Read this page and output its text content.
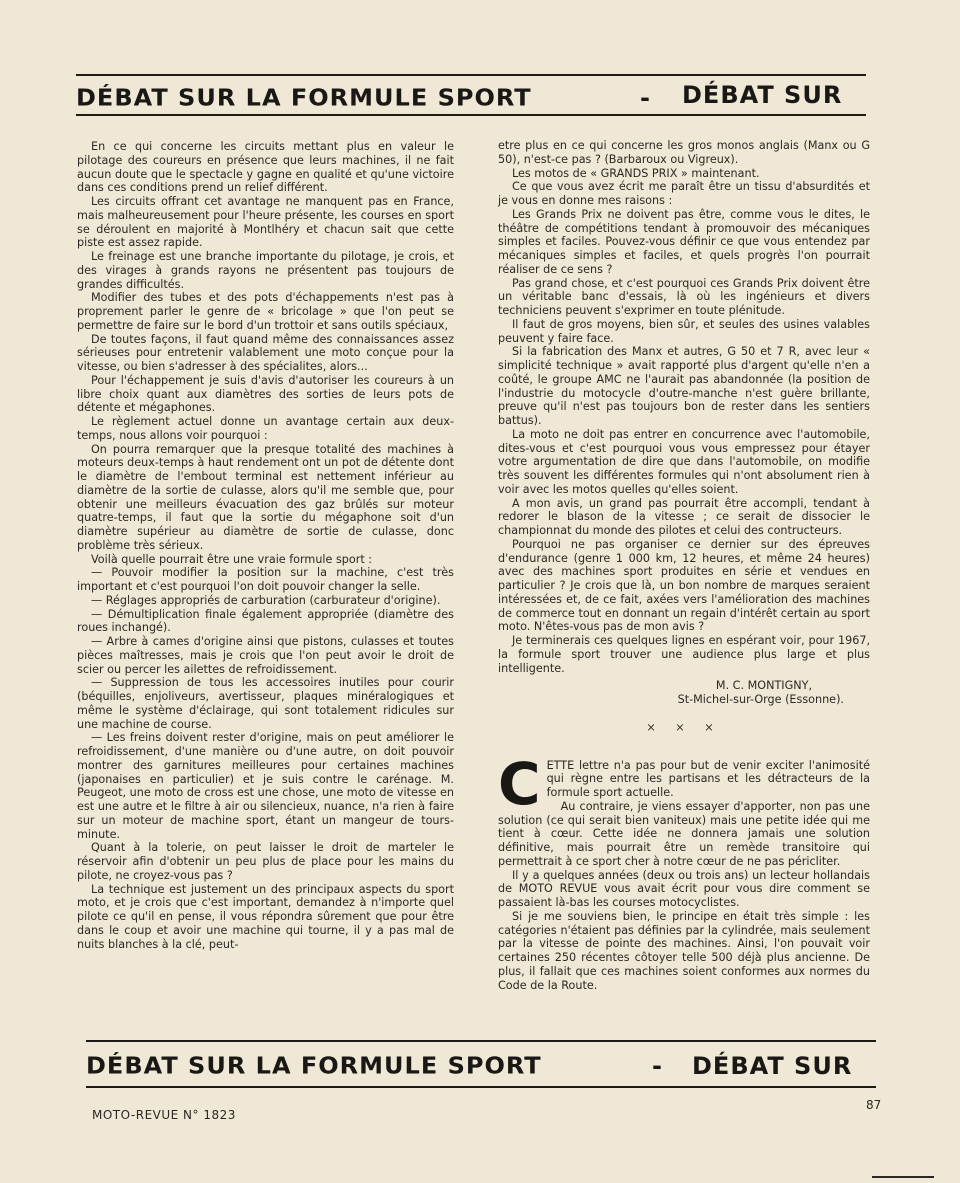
DÉBAT SUR LA FORMULE SPORT	- DÉBAT SUR

En ce qui concerne les circuits mettant plus en valeur le pilotage des coureurs en présence que leurs machines, il ne fait aucun doute que le spectacle y gagne en qualité et qu'une victoire dans ces conditions prend un relief différent.

Les circuits offrant cet avantage ne manquent pas en France, mais malheureusement pour l'heure présente, les courses en sport se déroulent en majorité à Montlhéry et chacun sait que cette piste est assez rapide.

Le freinage est une branche importante du pilotage, je crois, et des virages à grands rayons ne présentent pas toujours de grandes difficultés.

Modifier des tubes et des pots d'échappements n'est pas à proprement parler le genre de « bricolage » que l'on peut se permettre de faire sur le bord d'un trottoir et sans outils spéciaux,

De toutes façons, il faut quand même des connaissances assez sérieuses pour entretenir valablement une moto conçue pour la vitesse, ou bien s'adresser à des spécialites, alors...

Pour l'échappement je suis d'avis d'autoriser les coureurs à un libre choix quant aux diamètres des sorties de leurs pots de détente et mégaphones.

Le règlement actuel donne un avantage certain aux deux-temps, nous allons voir pourquoi :

On pourra remarquer que la presque totalité des machines à moteurs deux-temps à haut rendement ont un pot de détente dont le diamètre de l'embout terminal est nettement inférieur au diamètre de la sortie de culasse, alors qu'il me semble que, pour obtenir une meilleurs évacuation des gaz brûlés sur moteur quatre-temps, il faut que la sortie du mégaphone soit d'un diamètre supérieur au diamètre de sortie de culasse, donc problème très sérieux.

Voilà quelle pourrait être une vraie formule sport :

— Pouvoir modifier la position sur la machine, c'est très important et c'est pourquoi l'on doit pouvoir changer la selle.

— Réglages appropriés de carburation (carburateur d'origine).

— Démultiplication finale également appropriée (diamètre des roues inchangé).

— Arbre à cames d'origine ainsi que pistons, culasses et toutes pièces maîtresses, mais je crois que l'on peut avoir le droit de scier ou percer les ailettes de refroidissement.

— Suppression de tous les accessoires inutiles pour courir (béquilles, enjoliveurs, avertisseur, plaques minéralogiques et même le système d'éclairage, qui sont totalement ridicules sur une machine de course.

— Les freins doivent rester d'origine, mais on peut améliorer le refroidissement, d'une manière ou d'une autre, on doit pouvoir montrer des garnitures meilleures pour certaines machines (japonaises en particulier) et je suis contre le carénage. M. Peugeot, une moto de cross est une chose, une moto de vitesse en est une autre et le filtre à air ou silencieux, nuance, n'a rien à faire sur un moteur de machine sport, étant un mangeur de tours-minute.

Quant à la tolerie, on peut laisser le droit de marteler le réservoir afin d'obtenir un peu plus de place pour les mains du pilote, ne croyez-vous pas ?

La technique est justement un des principaux aspects du sport moto, et je crois que c'est important, demandez à n'importe quel pilote ce qu'il en pense, il vous répondra sûrement que pour être dans le coup et avoir une machine qui tourne, il y a pas mal de nuits blanches à la clé, peut-

etre plus en ce qui concerne les gros monos anglais (Manx ou G 50), n'est-ce pas ? (Barbaroux ou Vigreux).

Les motos de « GRANDS PRIX » maintenant.

Ce que vous avez écrit me paraît être un tissu d'absurdités et je vous en donne mes raisons :

Les Grands Prix ne doivent pas être, comme vous le dites, le théâtre de compétitions tendant à promouvoir des mécaniques simples et faciles. Pouvez-vous définir ce que vous entendez par mécaniques simples et faciles, et quels progrès l'on pourrait réaliser de ce sens ?

Pas grand chose, et c'est pourquoi ces Grands Prix doivent être un véritable banc d'essais, là où les ingénieurs et divers techniciens peuvent s'exprimer en toute plénitude.

Il faut de gros moyens, bien sûr, et seules des usines valables peuvent y faire face.

Si la fabrication des Manx et autres, G 50 et 7 R, avec leur « simplicité technique » avait rapporté plus d'argent qu'elle n'en a coûté, le groupe AMC ne l'aurait pas abandonnée (la position de l'industrie du motocycle d'outre-manche n'est guère brillante, preuve qu'il n'est pas toujours bon de rester dans les sentiers battus).

La moto ne doit pas entrer en concurrence avec l'automobile, dites-vous et c'est pourquoi vous vous empressez pour étayer votre argumentation de dire que dans l'automobile, on modifie très souvent les différentes formules qui n'ont absolument rien à voir avec les motos quelles qu'elles soient.

A mon avis, un grand pas pourrait être accompli, tendant à redorer le blason de la vitesse ; ce serait de dissocier le championnat du monde des pilotes et celui des contructeurs.

Pourquoi ne pas organiser ce dernier sur des épreuves d'endurance (genre 1 000 km, 12 heures, et même 24 heures) avec des machines sport produites en série et vendues en particulier ? Je crois que là, un bon nombre de marques seraient intéressées et, de ce fait, axées vers l'amélioration des machines de commerce tout en donnant un regain d'intérêt certain au sport moto. N'êtes-vous pas de mon avis ?

Je terminerais ces quelques lignes en espérant voir, pour 1967, la formule sport trouver une audience plus large et plus intelligente.

M. C. MONTIGNY,

St-Michel-sur-Orge (Essonne).

× × ×

CETTE lettre n'a pas pour but de venir exciter l'animosité qui règne entre les partisans et les détracteurs de la formule sport actuelle.

Au contraire, je viens essayer d'apporter, non pas une solution (ce qui serait bien vaniteux) mais une petite idée qui me tient à cœur. Cette idée ne donnera jamais une solution définitive, mais pourrait être un remède transitoire qui permettrait à ce sport cher à notre cœur de ne pas péricliter.

Il y a quelques années (deux ou trois ans) un lecteur hollandais de MOTO REVUE vous avait écrit pour vous dire comment se passaient là-bas les courses motocyclistes.

Si je me souviens bien, le principe en était très simple : les catégories n'étaient pas définies par la cylindrée, mais seulement par la vitesse de pointe des machines. Ainsi, l'on pouvait voir certaines 250 récentes côtoyer telle 500 déjà plus ancienne. De plus, il fallait que ces machines soient conformes aux normes du Code de la Route.

DÉBAT SUR LA FORMULE SPORT	- DÉBAT SUR
MOTO-REVUE N° 1823
87
